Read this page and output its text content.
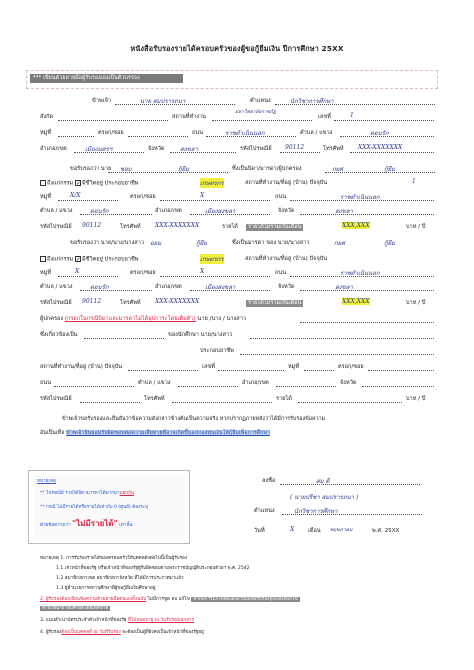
หนังสือรับรองรายได้ครอบครัวของผู้ขอกู้ยืมเงิน ปีการศึกษา 25XX
*** เขียนด้วยลายมือผู้รับรองเองเป็นตัวบรรจง
ข้าพเจ้า	นาย สมปรารถนา	ตำแหน่ง	นักวิชาการศึกษา
มหาวิทยาลัยราชภัฏ
สังกัด	สถานที่ทำงาน	เลขที่	1
หมู่ที่	ตรอก/ซอย	ถนน	ราชดำเนินนอก	ตำบล / แขวง	ดอนรัก
อำเภอ/เขต	เมืองนครฯ	จังหวัด	สงขลา	รหัสไปรษณีย์ 90112	โทรศัพท์ XXX-XXXXXXX
ขอรับรองว่า นาย ชอบ	กู้ยืม	ซึ่งเป็นบิดา/มารดา/ผู้ปกครอง	กยศ	กู้ยืม
ถึงแก่กรรม ✓มีชีวิตอยู่ ประกอบอาชีพ	เกษตรกร	สถานที่ทำงาน/ที่อยู่ (บ้าน) ปัจจุบัน	1
หมู่ที่	X/X	ตรอก/ซอย	X	ถนน	ราชดำเนินนอก
ตำบล / แขวง	ดอนรัก	อำเภอ/เขต	เมืองสงขลา	จังหวัด	สงขลา
รหัสไปรษณีย์ 90112	โทรศัพท์ XXX-XXXXXXX	รายได้	รายได้ไม่รวมเงินเดือน	XXX,XXX	บาท / ปี
ขอรับรองว่า นาย/นาง/นางสาว ออม	กู้ยืม	ซึ่งเป็นมารดา ของ นาย/นางสาว	กยศ	กู้ยืม
ถึงแก่กรรม ✓มีชีวิตอยู่ ประกอบอาชีพ	เกษตรกร	สถานที่ทำงาน/ที่อยู่ (บ้าน) ปัจจุบัน
หมู่ที่	X	ตรอก/ซอย	X	ถนน	ราชดำเนินนอก
ตำบล / แขวง	ดอนรัก	อำเภอ/เขต	เมืองสงขลา	จังหวัด	สงขลา
รหัสไปรษณีย์ 90112	โทรศัพท์ XXX-XXXXXXX	รายได้ไม่รวมเงินเดือน	XXX,XXX	บาท / ปี
ผู้ปกครอง (กรอกในกรณีบิดาและมารดาไม่ได้อุปการะโดยเต็มตัว) นาย /นาง / นางสาว
ซึ่งเกี่ยวข้องเป็น	ของนักศึกษา นาย/นางสาว
ประกอบอาชีพ
สถานที่ทำงาน/ที่อยู่ (บ้าน) ปัจจุบัน	เลขที่	หมู่ที่	ตรอก/ซอย
ถนน	ตำบล / แขวง	อำเภอ/เขต	จังหวัด
รหัสไปรษณีย์	โทรศัพท์	รายได้	บาท / ปี
ข้าพเจ้าขอรับรองและยืนยันว่าข้อความดังกล่าวข้างต้นเป็นความจริง หากปรากฏภายหลังว่าได้มีการรับรองข้อความ
อันเป็นเท็จ ข้าพเจ้ายินยอมรับผิดชอบต่อความเสียหายที่อาจเกิดขึ้นแก่กองทุนเงินให้กู้ยืมเพื่อการศึกษา
หมายเหตุ
** ไปรษณีย์ รายได้บิดามารดาได้มากมาแยกกัน
** กรณี ไม่มีรายได้หรือรายได้เท่ากับ 0 (ศูนย์) ต้องระบุ
ด้วยข้อความว่า "ไม่มีรายได้" เท่านั้น
ลงชื่อ	สม ดี
( นายปรีชา สมปรารถนา )
ตำแหน่ง	นักวิชาการศึกษา
วันที่	X เดือน พฤษภาคม	พ.ศ. 25XX
หมายเหตุ 1. การรับรองรายได้ของครอบครัวให้บุคคลดังต่อไปนี้เป็นผู้รับรอง
1.1 เจ้าหน้าที่ของรัฐ หรือเจ้าหน้าที่ของรัฐผู้รับผิดชอบตามพระราชบัญญัติประกอบด้วยฯ พ.ศ. 2542
1.2 สมาชิกสภาเขต สมาชิกสภาจังหวัด ที่ได้มีการประกาศมาแล้ว
1.3 ผู้อำนวยการสถานศึกษาที่ผู้ขอกู้ยืมเงินศึกษาอยู่
2. ผู้รับรองต้องเขียนข้อความด้วยลายมือตนเองทั้งฉบับ ไม่มีการขูด ลบ แก้ไข หากมีการแก้ไขต้องลงลายมือชื่อรับรองทุกแห่งที่แก้ไข
ห้ามใช้น้ำยาลบคำผิดโดยเด็ดขาด
3. แนบสำเนาบัตรประจำตัวเจ้าหน้าที่ของรัฐ ที่ไม่หมดอายุ ณ วันรับรองเอกสาร
4. ผู้รับรองต้องเป็นบุคคลที่ ณ วันที่รับรอง จะต้องเป็นผู้ที่ยังคงเป็นเจ้าหน้าที่ของรัฐอยู่
